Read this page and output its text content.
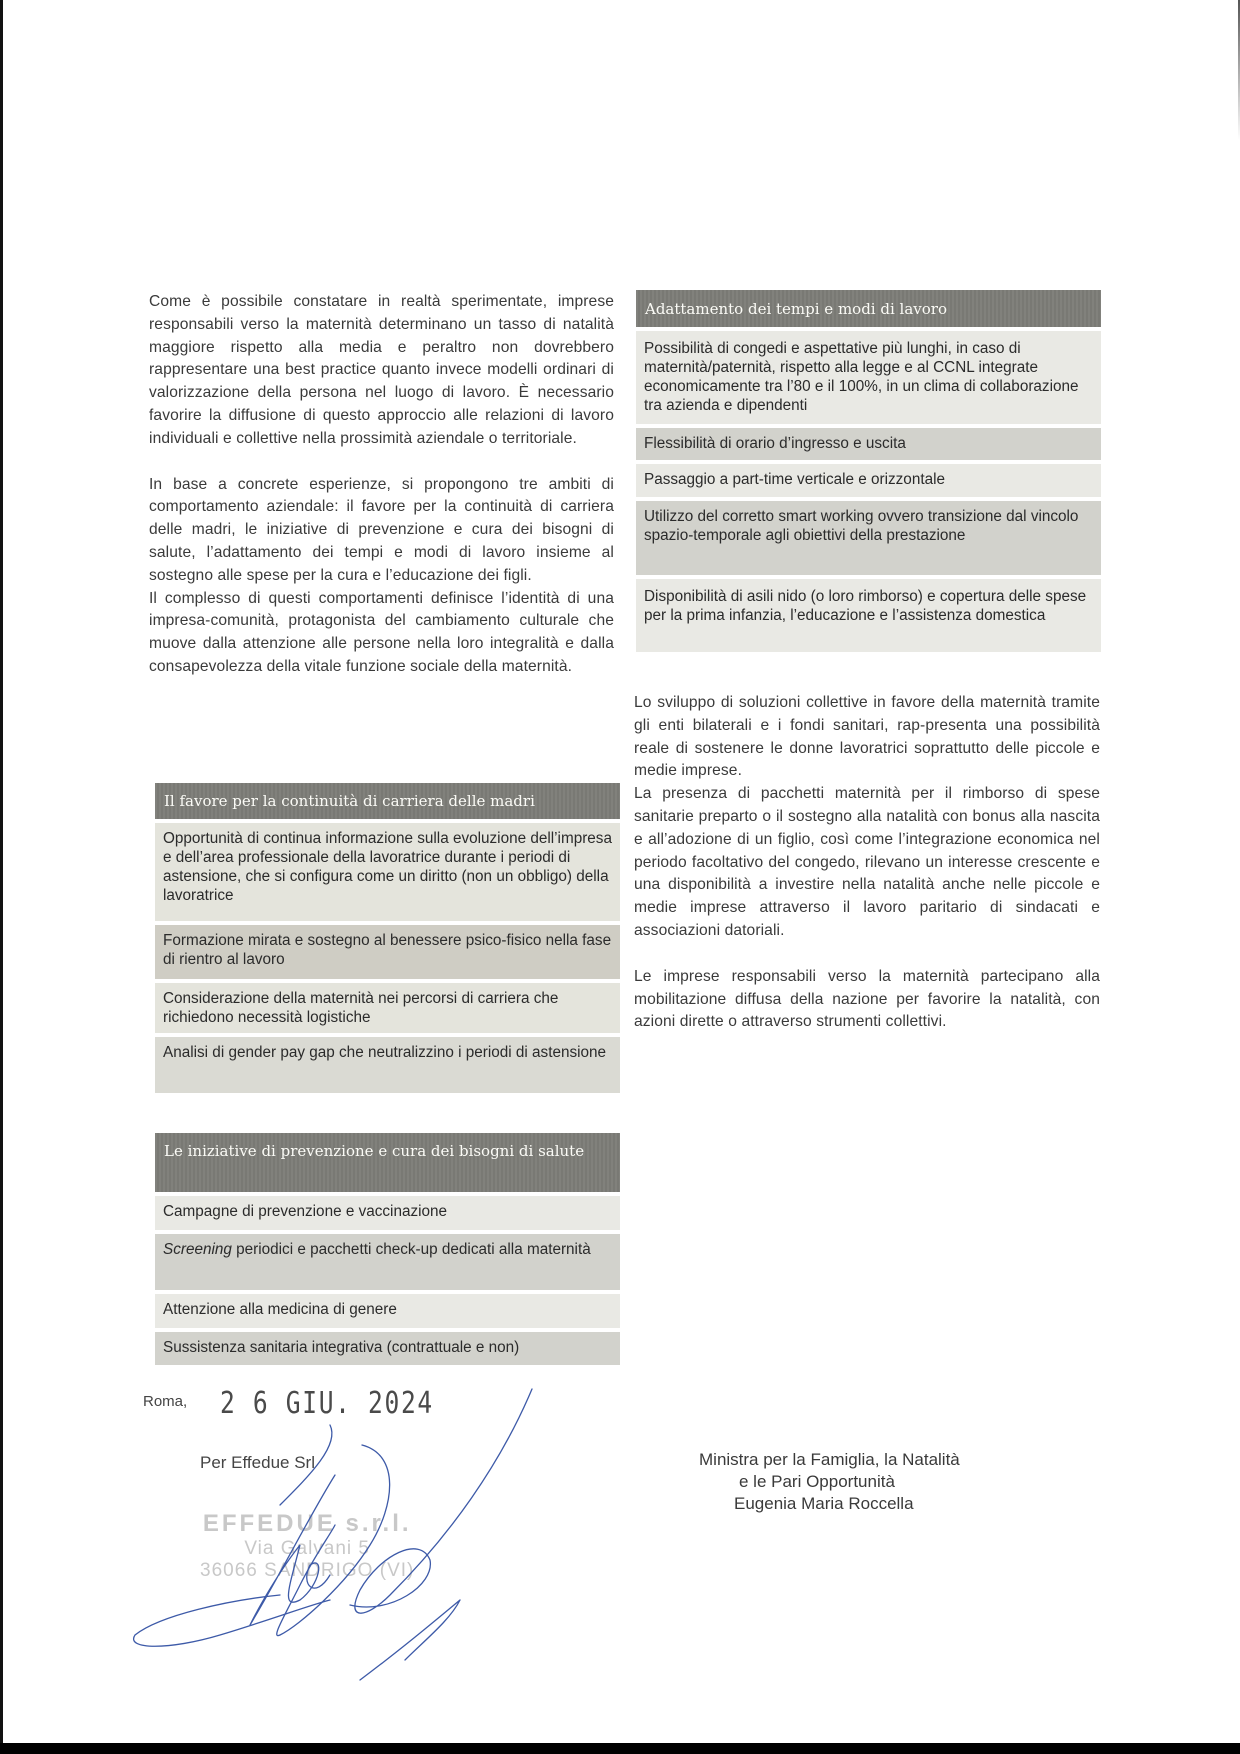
Come è possibile constatare in realtà sperimentate, imprese responsabili verso la maternità determinano un tasso di natalità maggiore rispetto alla media e peraltro non dovrebbero rappresentare una best practice quanto invece modelli ordinari di valorizzazione della persona nel luogo di lavoro. È necessario favorire la diffusione di questo approccio alle relazioni di lavoro individuali e collettive nella prossimità aziendale o territoriale.

In base a concrete esperienze, si propongono tre ambiti di comportamento aziendale: il favore per la continuità di carriera delle madri, le iniziative di prevenzione e cura dei bisogni di salute, l’adattamento dei tempi e modi di lavoro insieme al sostegno alle spese per la cura e l’educazione dei figli.

Il complesso di questi comportamenti definisce l’identità di una impresa-comunità, protagonista del cambiamento culturale che muove dalla attenzione alle persone nella loro integralità e dalla consapevolezza della vitale funzione sociale della maternità.

Il favore per la continuità di carriera delle madri
Opportunità di continua informazione sulla evoluzione dell’impresa e dell’area professionale della lavoratrice durante i periodi di astensione, che si configura come un diritto (non un obbligo) della lavoratrice
Formazione mirata e sostegno al benessere psico-fisico nella fase di rientro al lavoro
Considerazione della maternità nei percorsi di carriera che richiedono necessità logistiche
Analisi di gender pay gap che neutralizzino i periodi di astensione
Le iniziative di prevenzione e cura dei bisogni di salute
Campagne di prevenzione e vaccinazione
Screening periodici e pacchetti check-up dedicati alla maternità
Attenzione alla medicina di genere
Sussistenza sanitaria integrativa (contrattuale e non)
Adattamento dei tempi e modi di lavoro
Possibilità di congedi e aspettative più lunghi, in caso di maternità/paternità, rispetto alla legge e al CCNL integrate economicamente tra l’80 e il 100%, in un clima di collaborazione tra azienda e dipendenti
Flessibilità di orario d’ingresso e uscita
Passaggio a part-time verticale e orizzontale
Utilizzo del corretto smart working ovvero transizione dal vincolo spazio-temporale agli obiettivi della prestazione
Disponibilità di asili nido (o loro rimborso) e copertura delle spese per la prima infanzia, l’educazione e l’assistenza domestica

Lo sviluppo di soluzioni collettive in favore della maternità tramite gli enti bilaterali e i fondi sanitari, rap-presenta una possibilità reale di sostenere le donne lavoratrici soprattutto delle piccole e medie imprese.

La presenza di pacchetti maternità per il rimborso di spese sanitarie preparto o il sostegno alla natalità con bonus alla nascita e all’adozione di un figlio, così come l’integrazione economica nel periodo facoltativo del congedo, rilevano un interesse crescente e una disponibilità a investire nella natalità anche nelle piccole e medie imprese attraverso il lavoro paritario di sindacati e associazioni datoriali.

Le imprese responsabili verso la maternità partecipano alla mobilitazione diffusa della nazione per favorire la natalità, con azioni dirette o attraverso strumenti collettivi.

Roma, 2 6 GIU. 2024
Per Effedue Srl
EFFEDUE s.r.l.
Via Galvani 5
36066 SANDRIGO (VI)
Ministra per la Famiglia, la Natalità
e le Pari Opportunità
Eugenia Maria Roccella
